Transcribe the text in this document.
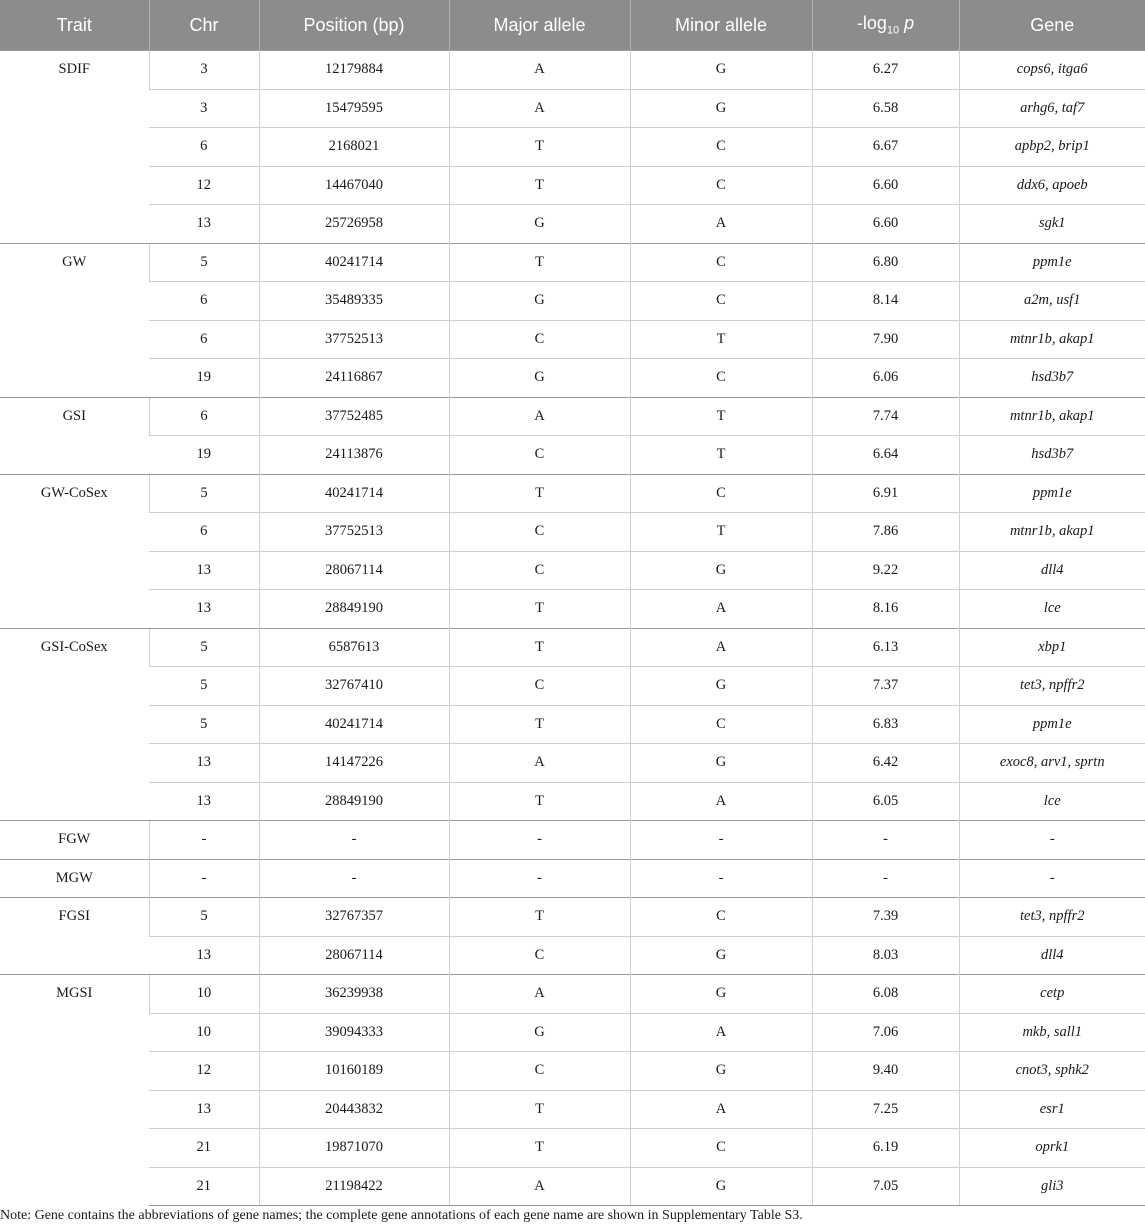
Trait	Chr	Position (bp)	Major allele	Minor allele	$-\log_{10}$ p	Gene
SDIF	3	12179884	A	G	6.27	cops6, itga6
	3	15479595	A	G	6.58	arhg6, taf7
	6	2168021	T	C	6.67	apbp2, brip1
	12	14467040	T	C	6.60	ddx6, apoeb
	13	25726958	G	A	6.60	sgk1
GW	5	40241714	T	C	6.80	ppm1e
	6	35489335	G	C	8.14	a2m, usf1
	6	37752513	C	T	7.90	mtnr1b, akap1
	19	24116867	G	C	6.06	hsd3b7
GSI	6	37752485	A	T	7.74	mtnr1b, akap1
	19	24113876	C	T	6.64	hsd3b7
GW-CoSex	5	40241714	T	C	6.91	ppm1e
	6	37752513	C	T	7.86	mtnr1b, akap1
	13	28067114	C	G	9.22	dll4
	13	28849190	T	A	8.16	lce
GSI-CoSex	5	6587613	T	A	6.13	xbp1
	5	32767410	C	G	7.37	tet3, npffr2
	5	40241714	T	C	6.83	ppm1e
	13	14147226	A	G	6.42	exoc8, arv1, sprtn
	13	28849190	T	A	6.05	lce
FGW	-	-	-	-	-	-
MGW	-	-	-	-	-	-
FGSI	5	32767357	T	C	7.39	tet3, npffr2
	13	28067114	C	G	8.03	dll4
MGSI	10	36239938	A	G	6.08	cetp
	10	39094333	G	A	7.06	mkb, sall1
	12	10160189	C	G	9.40	cnot3, sphk2
	13	20443832	T	A	7.25	esr1
	21	19871070	T	C	6.19	oprk1
	21	21198422	A	G	7.05	gli3
Note: Gene contains the abbreviations of gene names; the complete gene annotations of each gene name are shown in Supplementary Table S3.
